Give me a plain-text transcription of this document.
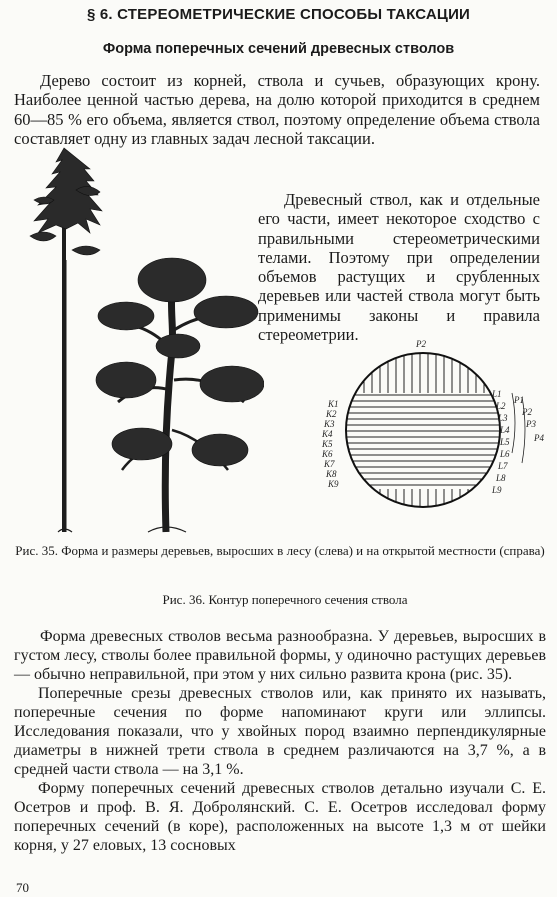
§ 6. СТЕРЕОМЕТРИЧЕСКИЕ СПОСОБЫ ТАКСАЦИИ
Форма поперечных сечений древесных стволов

Дерево состоит из корней, ствола и сучьев, образующих крону. Наиболее ценной частью дерева, на долю которой приходится в среднем 60—85 % его объема, является ствол, поэтому определение объема ствола составляет одну из главных задач лесной таксации.

Древесный ствол, как и отдельные его части, имеет некоторое сходство с правильными стереометрическими телами. Поэтому при определении объемов растущих и срубленных деревьев или частей ствола могут быть применимы законы и правила стереометрии.	P2
K1
K2
K3
K4
K5
K6
K7
K8
K9
L1
L2
L3
L4
L5
L6
L7
L8
L9
P1
P2
P3
P4
Рис. 35. Форма и размеры деревьев, выросших в лесу (слева) и на открытой местности (справа)
Рис. 36. Контур поперечного сечения ствола

Форма древесных стволов весьма разнообразна. У деревьев, выросших в густом лесу, стволы более правильной формы, у одиночно растущих деревьев — обычно неправильной, при этом у них сильно развита крона (рис. 35).

Поперечные срезы древесных стволов или, как принято их называть, поперечные сечения по форме напоминают круги или эллипсы. Исследования показали, что у хвойных пород взаимно перпендикулярные диаметры в нижней трети ствола в среднем различаются на 3,7 %, а в средней части ствола — на 3,1 %.

Форму поперечных сечений древесных стволов детально изучали С. Е. Осетров и проф. В. Я. Добролянский. С. Е. Осетров исследовал форму поперечных сечений (в коре), расположенных на высоте 1,3 м от шейки корня, у 27 еловых, 13 сосновых

70
